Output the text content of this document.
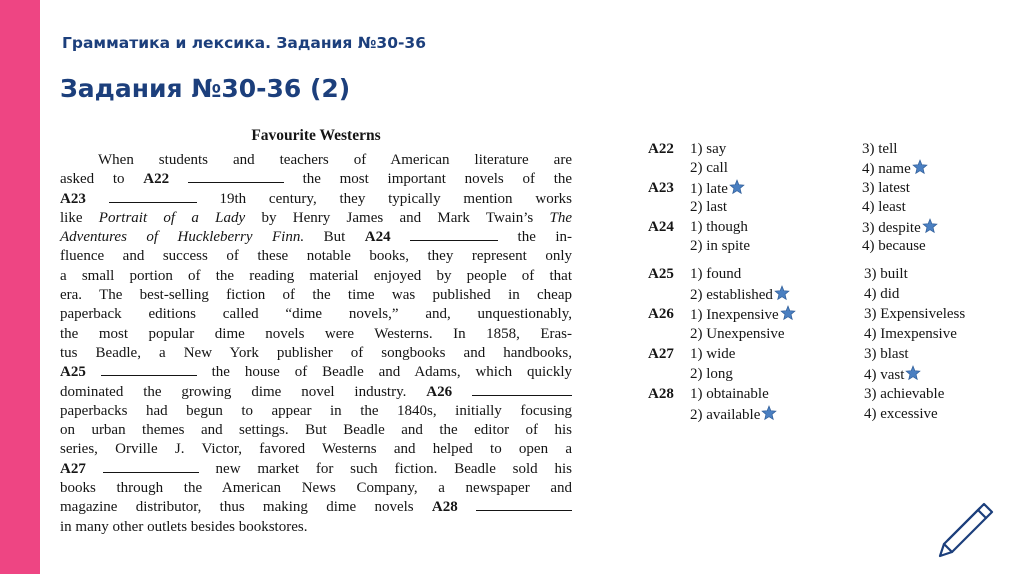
Грамматика и лексика. Задания №30-36
Задания №30-36 (2)
Favourite Westerns
When students and teachers of American literature are
asked to A22	the most important novels of the
A23	19th century, they typically mention works
like Portrait of a Lady by Henry James and Mark Twain’s The
Adventures of Huckleberry Finn. But A24	the in-
fluence and success of these notable books, they represent only
a small portion of the reading material enjoyed by people of that
era. The best-selling fiction of the time was published in cheap
paperback editions called “dime novels,” and, unquestionably,
the most popular dime novels were Westerns. In 1858, Eras-
tus Beadle, a New York publisher of songbooks and handbooks,
A25	the house of Beadle and Adams, which quickly
dominated the growing dime novel industry. A26
paperbacks had begun to appear in the 1840s, initially focusing
on urban themes and settings. But Beadle and the editor of his
series, Orville J. Victor, favored Westerns and helped to open a
A27	new market for such fiction. Beadle sold his
books through the American News Company, a newspaper and
magazine distributor, thus making dime novels A28
in many other outlets besides bookstores.
A22 1) say	3) tell
2) call	4) name
A23 1) late	3) latest
2) last	4) least
A24 1) though	3) despite
2) in spite	4) because
A25 1) found	3) built
2) established	4) did
A26 1) Inexpensive	3) Expensiveless
2) Unexpensive	4) Imexpensive
A27 1) wide	3) blast
2) long	4) vast
A28 1) obtainable	3) achievable
2) available	4) excessive
